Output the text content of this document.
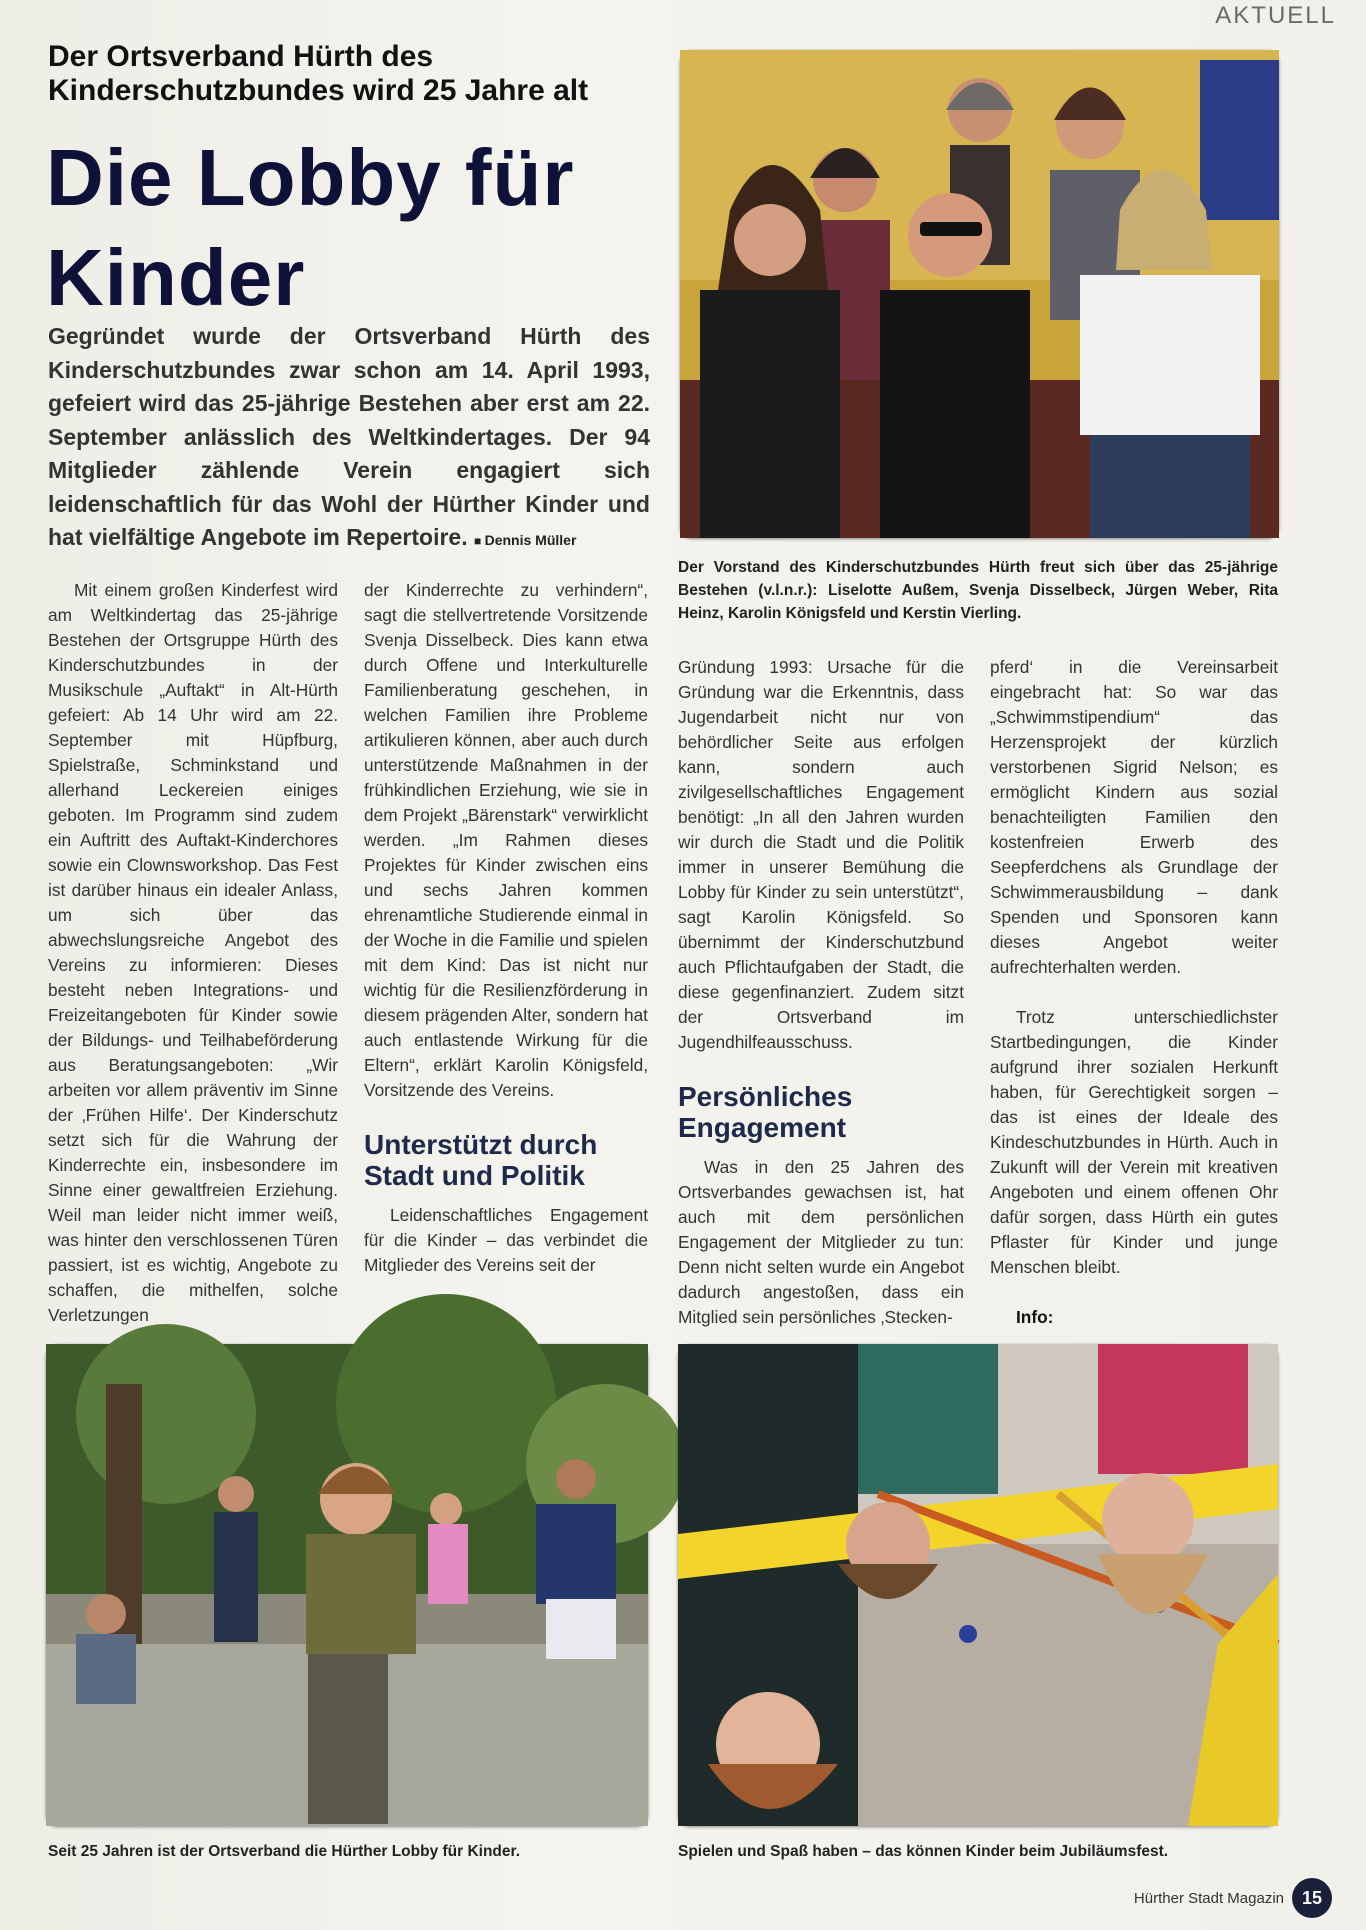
AKTUELL
Der Ortsverband Hürth des Kinderschutzbundes wird 25 Jahre alt
Die Lobby für Kinder
Gegründet wurde der Ortsverband Hürth des Kinderschutzbundes zwar schon am 14. April 1993, gefeiert wird das 25-jährige Bestehen aber erst am 22. September anlässlich des Weltkindertages. Der 94 Mitglieder zählende Verein engagiert sich leidenschaftlich für das Wohl der Hürther Kinder und hat vielfältige Angebote im Repertoire. ■ Dennis Müller
Der Vorstand des Kinderschutzbundes Hürth freut sich über das 25-jährige Bestehen (v.l.n.r.): Liselotte Außem, Svenja Disselbeck, Jürgen Weber, Rita Heinz, Karolin Königsfeld und Kerstin Vierling.

Mit einem großen Kinderfest wird am Weltkindertag das 25-jährige Bestehen der Ortsgruppe Hürth des Kinderschutzbundes in der Musikschule „Auftakt“ in Alt-Hürth gefeiert: Ab 14 Uhr wird am 22. September mit Hüpfburg, Spielstraße, Schminkstand und allerhand Leckereien einiges geboten. Im Programm sind zudem ein Auftritt des Auftakt-Kinderchores sowie ein Clownsworkshop. Das Fest ist darüber hinaus ein idealer Anlass, um sich über das abwechslungsreiche Angebot des Vereins zu informieren: Dieses besteht neben Integrations- und Freizeitangeboten für Kinder sowie der Bildungs- und Teilhabeförderung aus Beratungsangeboten: „Wir arbeiten vor allem präventiv im Sinne der ‚Frühen Hilfe‘. Der Kinderschutz setzt sich für die Wahrung der Kinderrechte ein, insbesondere im Sinne einer gewaltfreien Erziehung. Weil man leider nicht immer weiß, was hinter den verschlossenen Türen passiert, ist es wichtig, Angebote zu schaffen, die mithelfen, solche Verletzungen

der Kinderrechte zu verhindern“, sagt die stellvertretende Vorsitzende Svenja Disselbeck. Dies kann etwa durch Offene und Interkulturelle Familienberatung geschehen, in welchen Familien ihre Probleme artikulieren können, aber auch durch unterstützende Maßnahmen in der frühkindlichen Erziehung, wie sie in dem Projekt „Bärenstark“ verwirklicht werden. „Im Rahmen dieses Projektes für Kinder zwischen eins und sechs Jahren kommen ehrenamtliche Studierende einmal in der Woche in die Familie und spielen mit dem Kind: Das ist nicht nur wichtig für die Resilienzförderung in diesem prägenden Alter, sondern hat auch entlastende Wirkung für die Eltern“, erklärt Karolin Königsfeld, Vorsitzende des Vereins.

Unterstützt durch Stadt und Politik

Leidenschaftliches Engagement für die Kinder – das verbindet die Mitglieder des Vereins seit der

Gründung 1993: Ursache für die Gründung war die Erkenntnis, dass Jugendarbeit nicht nur von behördlicher Seite aus erfolgen kann, sondern auch zivilgesellschaftliches Engagement benötigt: „In all den Jahren wurden wir durch die Stadt und die Politik immer in unserer Bemühung die Lobby für Kinder zu sein unterstützt“, sagt Karolin Königsfeld. So übernimmt der Kinderschutzbund auch Pflichtaufgaben der Stadt, die diese gegenfinanziert. Zudem sitzt der Ortsverband im Jugendhilfeausschuss.

Persönliches Engagement

Was in den 25 Jahren des Ortsverbandes gewachsen ist, hat auch mit dem persönlichen Engagement der Mitglieder zu tun: Denn nicht selten wurde ein Angebot dadurch angestoßen, dass ein Mitglied sein persönliches ‚Stecken-

pferd‘ in die Vereinsarbeit eingebracht hat: So war das „Schwimmstipendium“ das Herzensprojekt der kürzlich verstorbenen Sigrid Nelson; es ermöglicht Kindern aus sozial benachteiligten Familien den kostenfreien Erwerb des Seepferdchens als Grundlage der Schwimmerausbildung – dank Spenden und Sponsoren kann dieses Angebot weiter aufrechterhalten werden.

Trotz unterschiedlichster Startbedingungen, die Kinder aufgrund ihrer sozialen Herkunft haben, für Gerechtigkeit sorgen – das ist eines der Ideale des Kindeschutzbundes in Hürth. Auch in Zukunft will der Verein mit kreativen Angeboten und einem offenen Ohr dafür sorgen, dass Hürth ein gutes Pflaster für Kinder und junge Menschen bleibt.

Info:

Seit 25 Jahren ist der Ortsverband die Hürther Lobby für Kinder.	Spielen und Spaß haben – das können Kinder beim Jubiläumsfest.
Hürther Stadt Magazin 15
